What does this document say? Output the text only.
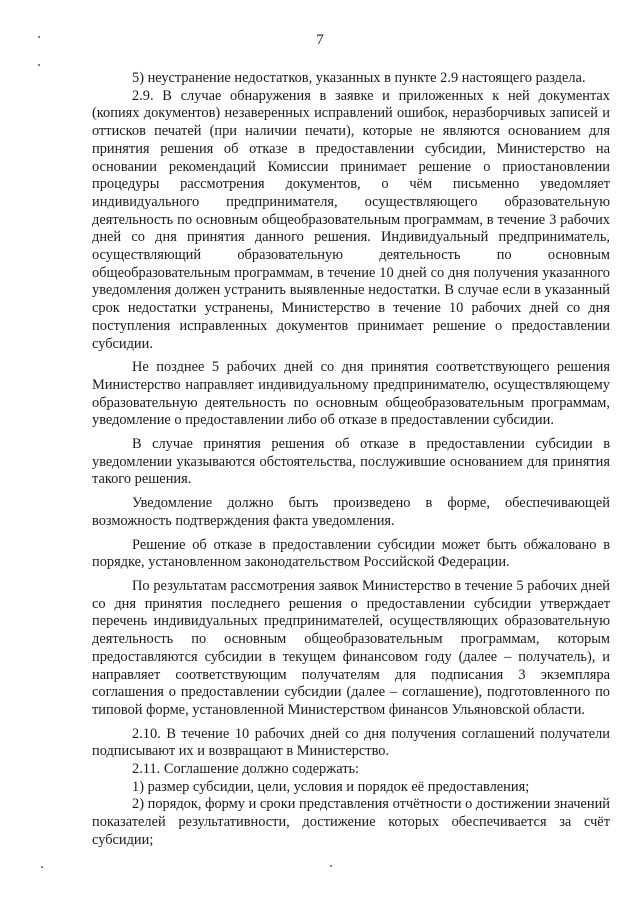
7

5) неустранение недостатков, указанных в пункте 2.9 настоящего раздела.

2.9. В случае обнаружения в заявке и приложенных к ней документах (копиях документов) незаверенных исправлений ошибок, неразборчивых записей и оттисков печатей (при наличии печати), которые не являются основанием для принятия решения об отказе в предоставлении субсидии, Министерство на основании рекомендаций Комиссии принимает решение о приостановлении процедуры рассмотрения документов, о чём письменно уведомляет индивидуального предпринимателя, осуществляющего образовательную деятельность по основным общеобразовательным программам, в течение 3 рабочих дней со дня принятия данного решения. Индивидуальный предприниматель, осуществляющий образовательную деятельность по основным общеобразовательным программам, в течение 10 дней со дня получения указанного уведомления должен устранить выявленные недостатки. В случае если в указанный срок недостатки устранены, Министерство в течение 10 рабочих дней со дня поступления исправленных документов принимает решение о предоставлении субсидии.

Не позднее 5 рабочих дней со дня принятия соответствующего решения Министерство направляет индивидуальному предпринимателю, осуществляющему образовательную деятельность по основным общеобразовательным программам, уведомление о предоставлении либо об отказе в предоставлении субсидии.

В случае принятия решения об отказе в предоставлении субсидии в уведомлении указываются обстоятельства, послужившие основанием для принятия такого решения.

Уведомление должно быть произведено в форме, обеспечивающей возможность подтверждения факта уведомления.

Решение об отказе в предоставлении субсидии может быть обжаловано в порядке, установленном законодательством Российской Федерации.

По результатам рассмотрения заявок Министерство в течение 5 рабочих дней со дня принятия последнего решения о предоставлении субсидии утверждает перечень индивидуальных предпринимателей, осуществляющих образовательную деятельность по основным общеобразовательным программам, которым предоставляются субсидии в текущем финансовом году (далее – получатель), и направляет соответствующим получателям для подписания 3 экземпляра соглашения о предоставлении субсидии (далее – соглашение), подготовленного по типовой форме, установленной Министерством финансов Ульяновской области.

2.10. В течение 10 рабочих дней со дня получения соглашений получатели подписывают их и возвращают в Министерство.

2.11. Соглашение должно содержать:

1) размер субсидии, цели, условия и порядок её предоставления;

2) порядок, форму и сроки представления отчётности о достижении значений показателей результативности, достижение которых обеспечивается за счёт субсидии;
